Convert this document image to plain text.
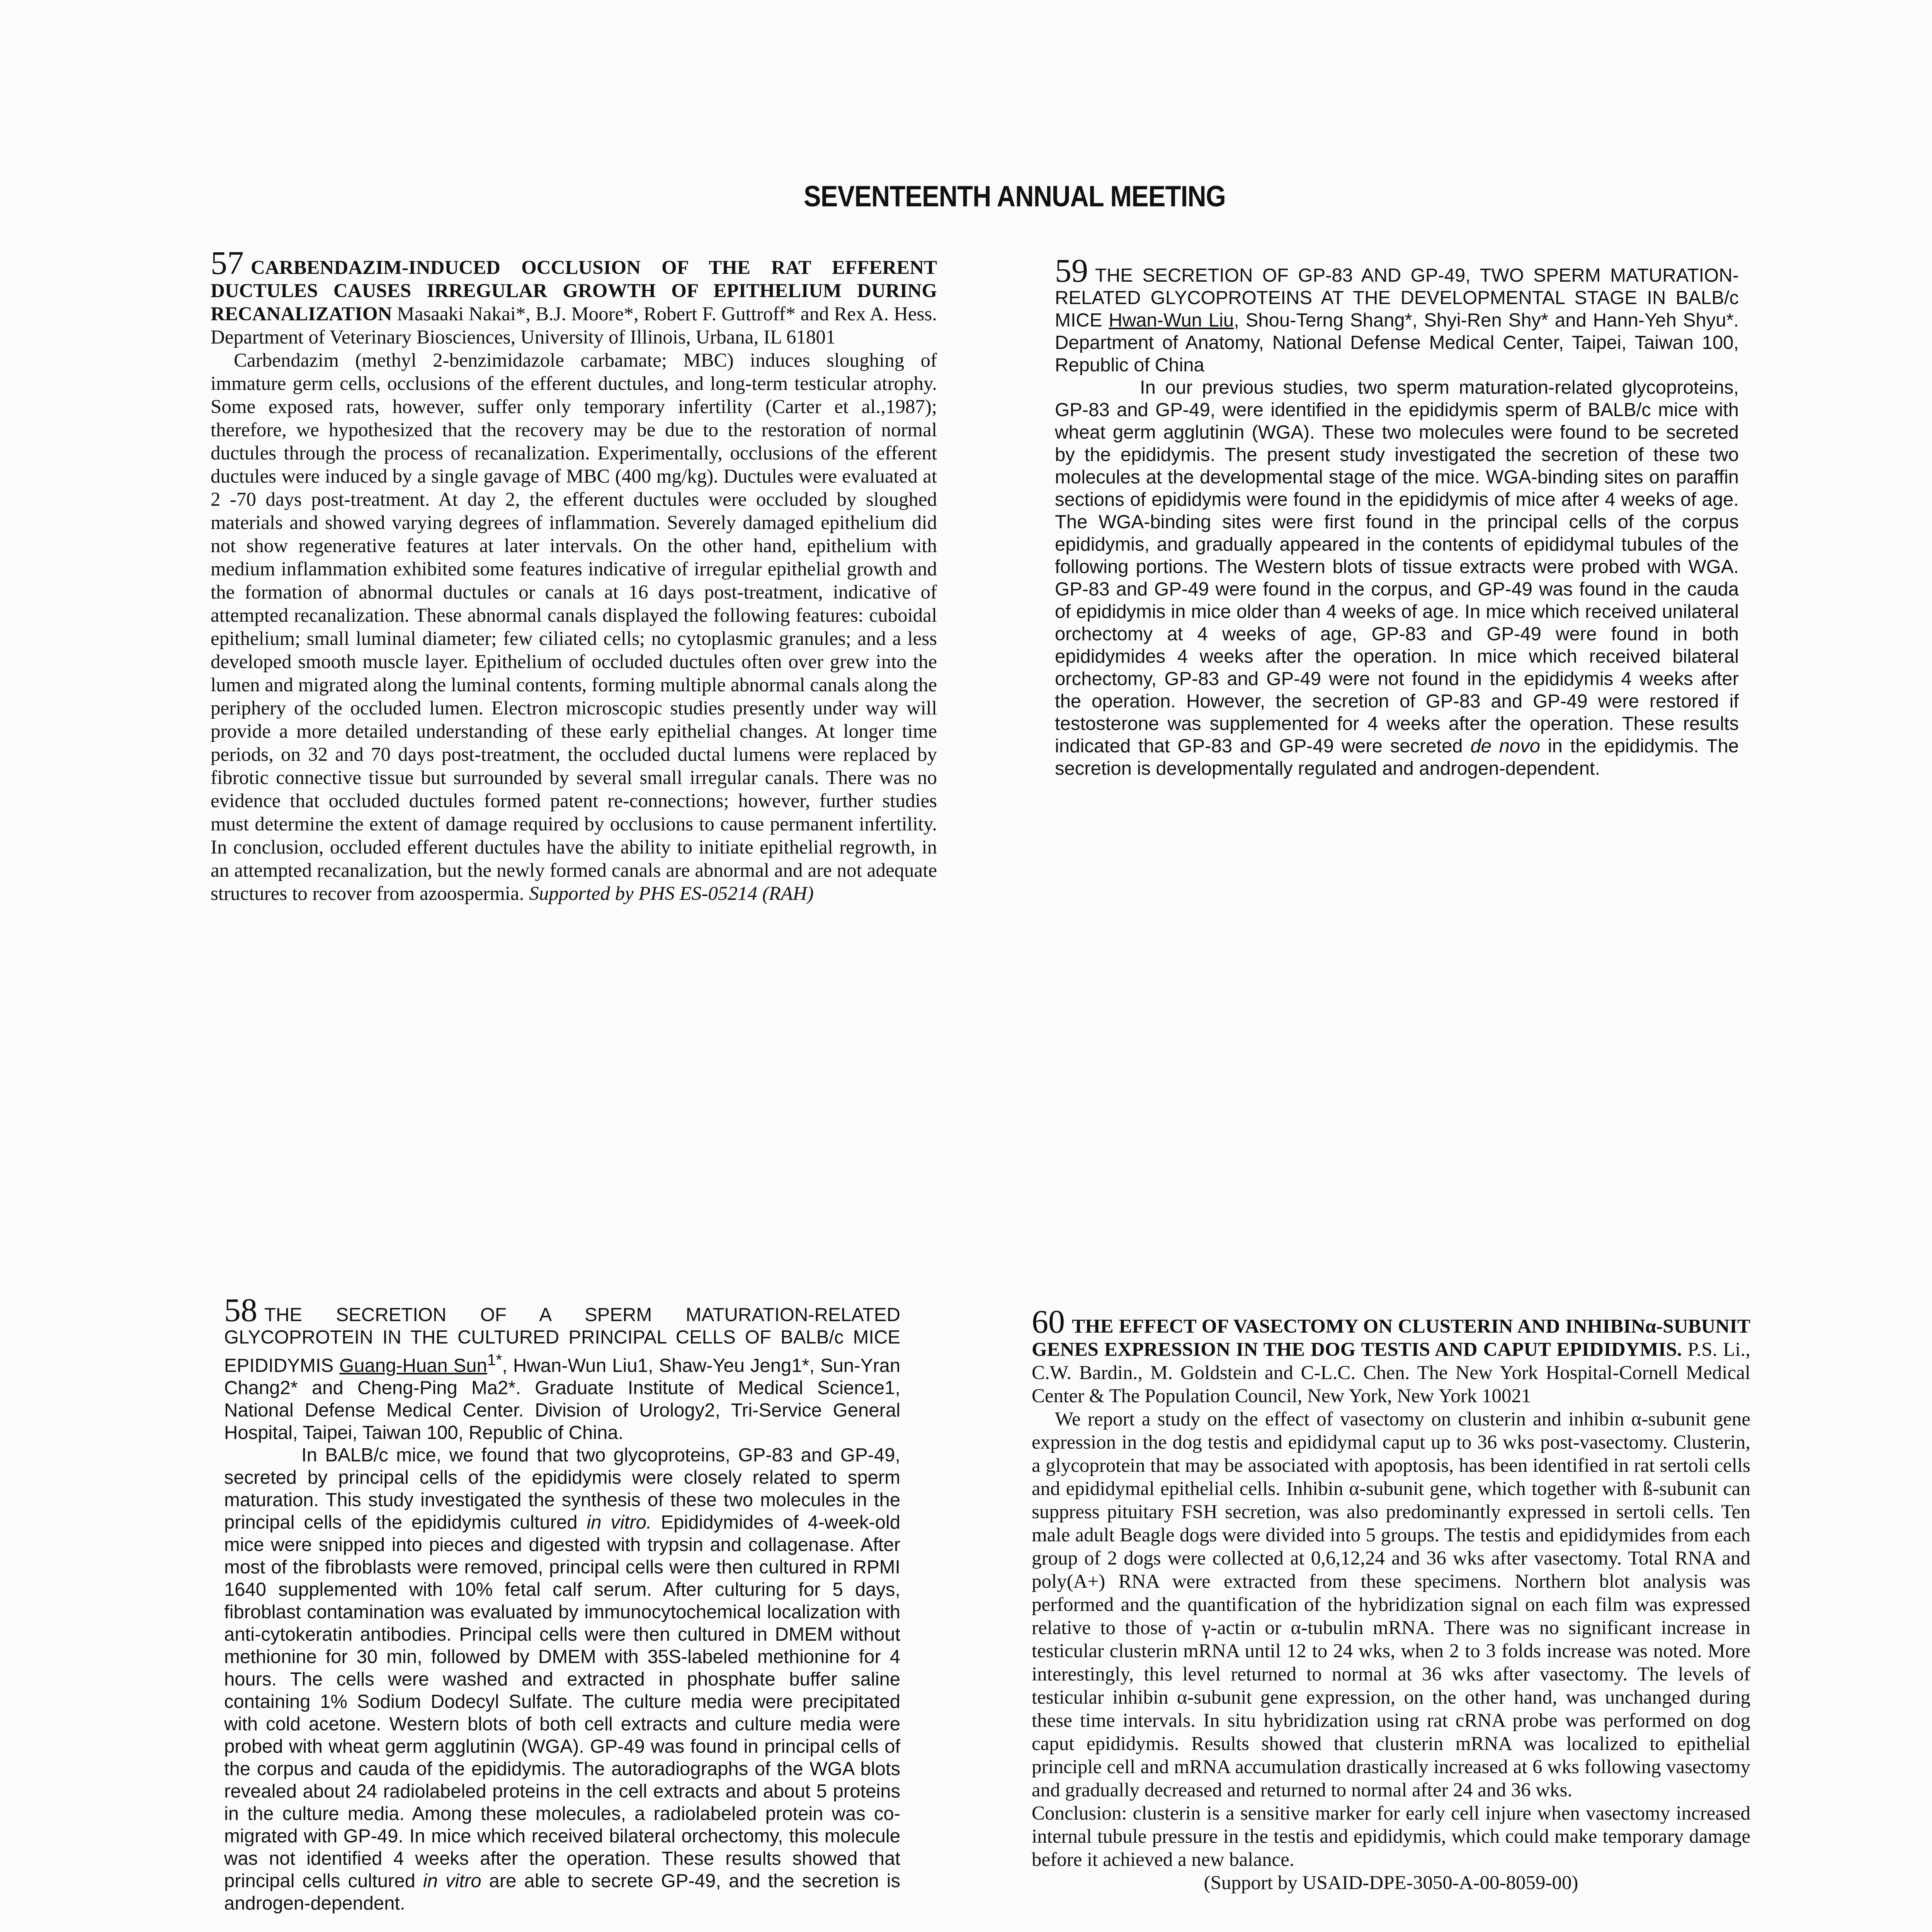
SEVENTEENTH ANNUAL MEETING

57 CARBENDAZIM-INDUCED OCCLUSION OF THE RAT EFFERENT DUCTULES CAUSES IRREGULAR GROWTH OF EPITHELIUM DURING RECANALIZATION Masaaki Nakai*, B.J. Moore*, Robert F. Guttroff* and Rex A. Hess. Department of Veterinary Biosciences, University of Illinois, Urbana, IL 61801

Carbendazim (methyl 2-benzimidazole carbamate; MBC) induces sloughing of immature germ cells, occlusions of the efferent ductules, and long-term testicular atrophy. Some exposed rats, however, suffer only temporary infertility (Carter et al.,1987); therefore, we hypothesized that the recovery may be due to the restoration of normal ductules through the process of recanalization. Experimentally, occlusions of the efferent ductules were induced by a single gavage of MBC (400 mg/kg). Ductules were evaluated at 2 -70 days post-treatment. At day 2, the efferent ductules were occluded by sloughed materials and showed varying degrees of inflammation. Severely damaged epithelium did not show regenerative features at later intervals. On the other hand, epithelium with medium inflammation exhibited some features indicative of irregular epithelial growth and the formation of abnormal ductules or canals at 16 days post-treatment, indicative of attempted recanalization. These abnormal canals displayed the following features: cuboidal epithelium; small luminal diameter; few ciliated cells; no cytoplasmic granules; and a less developed smooth muscle layer. Epithelium of occluded ductules often over grew into the lumen and migrated along the luminal contents, forming multiple abnormal canals along the periphery of the occluded lumen. Electron microscopic studies presently under way will provide a more detailed understanding of these early epithelial changes. At longer time periods, on 32 and 70 days post-treatment, the occluded ductal lumens were replaced by fibrotic connective tissue but surrounded by several small irregular canals. There was no evidence that occluded ductules formed patent re-connections; however, further studies must determine the extent of damage required by occlusions to cause permanent infertility. In conclusion, occluded efferent ductules have the ability to initiate epithelial regrowth, in an attempted recanalization, but the newly formed canals are abnormal and are not adequate structures to recover from azoospermia. Supported by PHS ES-05214 (RAH)

59 THE SECRETION OF GP-83 AND GP-49, TWO SPERM MATURATION-RELATED GLYCOPROTEINS AT THE DEVELOPMENTAL STAGE IN BALB/c MICE Hwan-Wun Liu, Shou-Terng Shang*, Shyi-Ren Shy* and Hann-Yeh Shyu*. Department of Anatomy, National Defense Medical Center, Taipei, Taiwan 100, Republic of China

In our previous studies, two sperm maturation-related glycoproteins, GP-83 and GP-49, were identified in the epididymis sperm of BALB/c mice with wheat germ agglutinin (WGA). These two molecules were found to be secreted by the epididymis. The present study investigated the secretion of these two molecules at the developmental stage of the mice. WGA-binding sites on paraffin sections of epididymis were found in the epididymis of mice after 4 weeks of age. The WGA-binding sites were first found in the principal cells of the corpus epididymis, and gradually appeared in the contents of epididymal tubules of the following portions. The Western blots of tissue extracts were probed with WGA. GP-83 and GP-49 were found in the corpus, and GP-49 was found in the cauda of epididymis in mice older than 4 weeks of age. In mice which received unilateral orchectomy at 4 weeks of age, GP-83 and GP-49 were found in both epididymides 4 weeks after the operation. In mice which received bilateral orchectomy, GP-83 and GP-49 were not found in the epididymis 4 weeks after the operation. However, the secretion of GP-83 and GP-49 were restored if testosterone was supplemented for 4 weeks after the operation. These results indicated that GP-83 and GP-49 were secreted de novo in the epididymis. The secretion is developmentally regulated and androgen-dependent.

58 THE SECRETION OF A SPERM MATURATION-RELATED GLYCOPROTEIN IN THE CULTURED PRINCIPAL CELLS OF BALB/c MICE EPIDIDYMIS Guang-Huan Sun$^{1*}$, Hwan-Wun Liu1, Shaw-Yeu Jeng1*, Sun-Yran Chang2* and Cheng-Ping Ma2*. Graduate Institute of Medical Science1, National Defense Medical Center. Division of Urology2, Tri-Service General Hospital, Taipei, Taiwan 100, Republic of China.

In BALB/c mice, we found that two glycoproteins, GP-83 and GP-49, secreted by principal cells of the epididymis were closely related to sperm maturation. This study investigated the synthesis of these two molecules in the principal cells of the epididymis cultured in vitro. Epididymides of 4-week-old mice were snipped into pieces and digested with trypsin and collagenase. After most of the fibroblasts were removed, principal cells were then cultured in RPMI 1640 supplemented with 10% fetal calf serum. After culturing for 5 days, fibroblast contamination was evaluated by immunocytochemical localization with anti-cytokeratin antibodies. Principal cells were then cultured in DMEM without methionine for 30 min, followed by DMEM with 35S-labeled methionine for 4 hours. The cells were washed and extracted in phosphate buffer saline containing 1% Sodium Dodecyl Sulfate. The culture media were precipitated with cold acetone. Western blots of both cell extracts and culture media were probed with wheat germ agglutinin (WGA). GP-49 was found in principal cells of the corpus and cauda of the epididymis. The autoradiographs of the WGA blots revealed about 24 radiolabeled proteins in the cell extracts and about 5 proteins in the culture media. Among these molecules, a radiolabeled protein was co-migrated with GP-49. In mice which received bilateral orchectomy, this molecule was not identified 4 weeks after the operation. These results showed that principal cells cultured in vitro are able to secrete GP-49, and the secretion is androgen-dependent.

60 THE EFFECT OF VASECTOMY ON CLUSTERIN AND INHIBINα-SUBUNIT GENES EXPRESSION IN THE DOG TESTIS AND CAPUT EPIDIDYMIS. P.S. Li., C.W. Bardin., M. Goldstein and C-L.C. Chen. The New York Hospital-Cornell Medical Center & The Population Council, New York, New York 10021

We report a study on the effect of vasectomy on clusterin and inhibin α-subunit gene expression in the dog testis and epididymal caput up to 36 wks post-vasectomy. Clusterin, a glycoprotein that may be associated with apoptosis, has been identified in rat sertoli cells and epididymal epithelial cells. Inhibin α-subunit gene, which together with ß-subunit can suppress pituitary FSH secretion, was also predominantly expressed in sertoli cells. Ten male adult Beagle dogs were divided into 5 groups. The testis and epididymides from each group of 2 dogs were collected at 0,6,12,24 and 36 wks after vasectomy. Total RNA and poly(A+) RNA were extracted from these specimens. Northern blot analysis was performed and the quantification of the hybridization signal on each film was expressed relative to those of γ-actin or α-tubulin mRNA. There was no significant increase in testicular clusterin mRNA until 12 to 24 wks, when 2 to 3 folds increase was noted. More interestingly, this level returned to normal at 36 wks after vasectomy. The levels of testicular inhibin α-subunit gene expression, on the other hand, was unchanged during these time intervals. In situ hybridization using rat cRNA probe was performed on dog caput epididymis. Results showed that clusterin mRNA was localized to epithelial principle cell and mRNA accumulation drastically increased at 6 wks following vasectomy and gradually decreased and returned to normal after 24 and 36 wks.

Conclusion: clusterin is a sensitive marker for early cell injure when vasectomy increased internal tubule pressure in the testis and epididymis, which could make temporary damage before it achieved a new balance.

(Support by USAID-DPE-3050-A-00-8059-00)
